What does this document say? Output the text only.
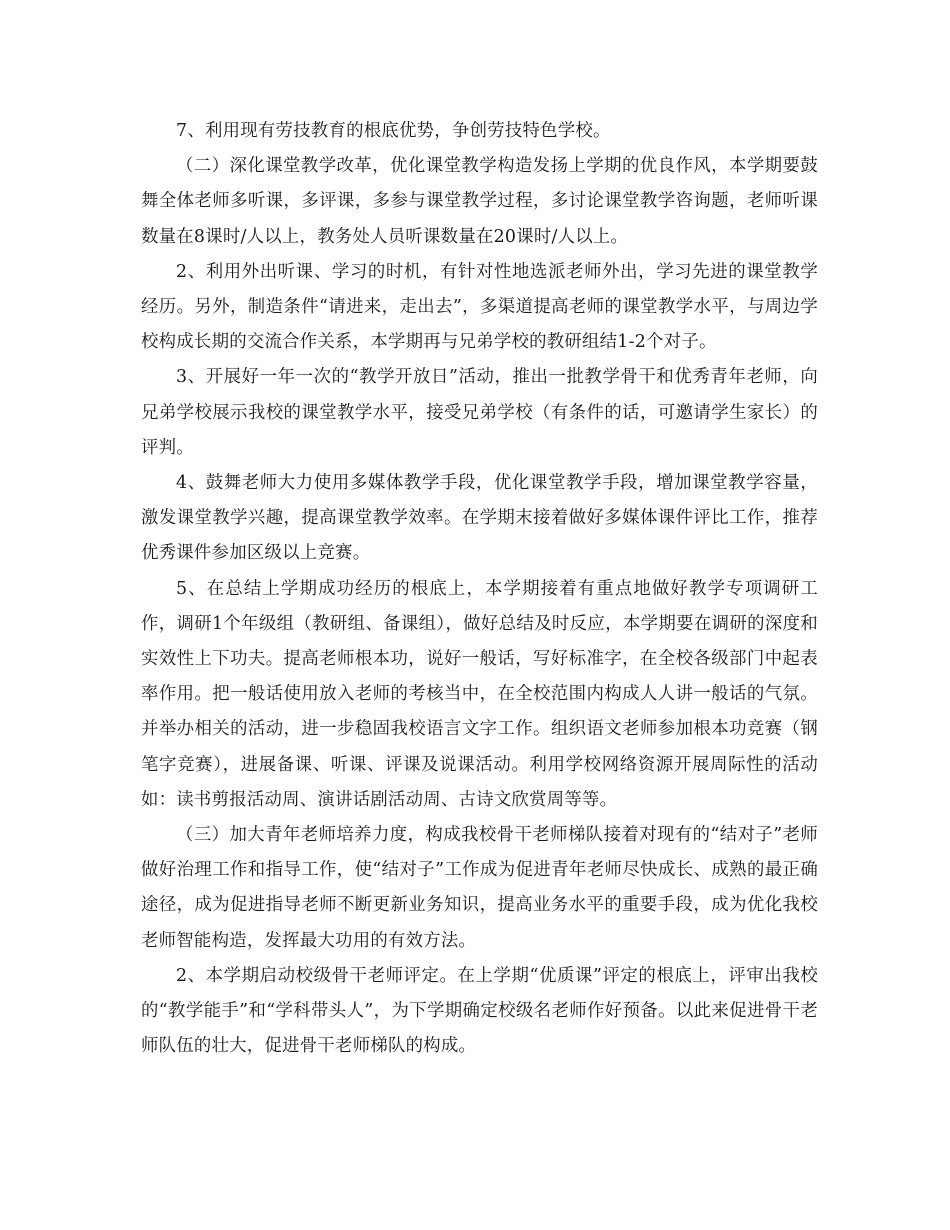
7、利用现有劳技教育的根底优势，争创劳技特色学校。

（二）深化课堂教学改革，优化课堂教学构造发扬上学期的优良作风，本学期要鼓舞全体老师多听课，多评课，多参与课堂教学过程，多讨论课堂教学咨询题，老师听课数量在8课时/人以上，教务处人员听课数量在20课时/人以上。

2、利用外出听课、学习的时机，有针对性地选派老师外出，学习先进的课堂教学经历。另外，制造条件“请进来，走出去”，多渠道提高老师的课堂教学水平，与周边学校构成长期的交流合作关系，本学期再与兄弟学校的教研组结1-2个对子。

3、开展好一年一次的“教学开放日”活动，推出一批教学骨干和优秀青年老师，向兄弟学校展示我校的课堂教学水平，接受兄弟学校（有条件的话，可邀请学生家长）的评判。

4、鼓舞老师大力使用多媒体教学手段，优化课堂教学手段，增加课堂教学容量，激发课堂教学兴趣，提高课堂教学效率。在学期末接着做好多媒体课件评比工作，推荐优秀课件参加区级以上竞赛。

5、在总结上学期成功经历的根底上，本学期接着有重点地做好教学专项调研工作，调研1个年级组（教研组、备课组），做好总结及时反应，本学期要在调研的深度和实效性上下功夫。提高老师根本功，说好一般话，写好标准字，在全校各级部门中起表率作用。把一般话使用放入老师的考核当中，在全校范围内构成人人讲一般话的气氛。并举办相关的活动，进一步稳固我校语言文字工作。组织语文老师参加根本功竞赛（钢笔字竞赛），进展备课、听课、评课及说课活动。利用学校网络资源开展周际性的活动如：读书剪报活动周、演讲话剧活动周、古诗文欣赏周等等。

（三）加大青年老师培养力度，构成我校骨干老师梯队接着对现有的“结对子”老师做好治理工作和指导工作，使“结对子”工作成为促进青年老师尽快成长、成熟的最正确途径，成为促进指导老师不断更新业务知识，提高业务水平的重要手段，成为优化我校老师智能构造，发挥最大功用的有效方法。

2、本学期启动校级骨干老师评定。在上学期“优质课”评定的根底上，评审出我校的“教学能手”和“学科带头人”，为下学期确定校级名老师作好预备。以此来促进骨干老师队伍的壮大，促进骨干老师梯队的构成。
